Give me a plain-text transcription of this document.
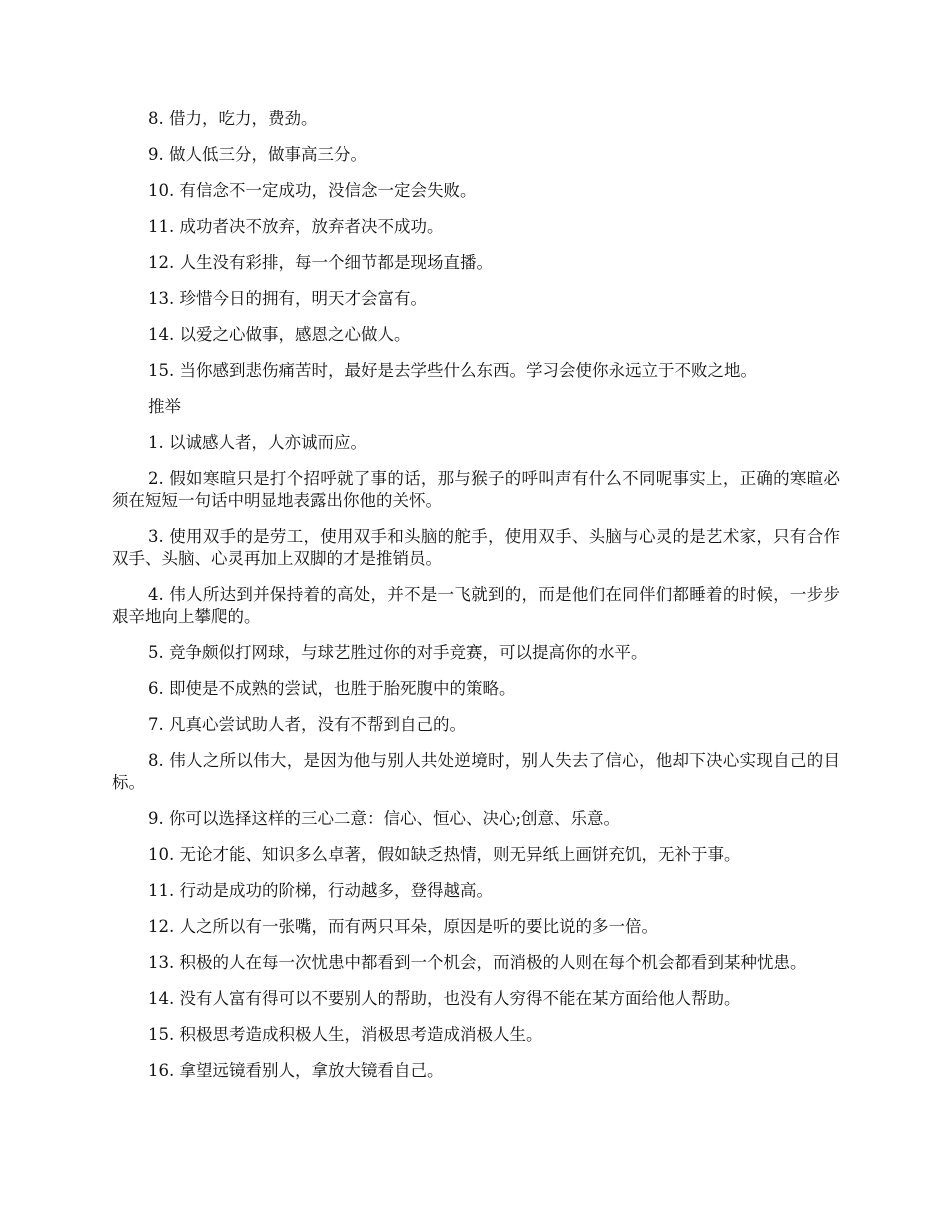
8. 借力，吃力，费劲。

9. 做人低三分，做事高三分。

10. 有信念不一定成功，没信念一定会失败。

11. 成功者决不放弃，放弃者决不成功。

12. 人生没有彩排，每一个细节都是现场直播。

13. 珍惜今日的拥有，明天才会富有。

14. 以爱之心做事，感恩之心做人。

15. 当你感到悲伤痛苦时，最好是去学些什么东西。学习会使你永远立于不败之地。

推举

1. 以诚感人者，人亦诚而应。

2. 假如寒暄只是打个招呼就了事的话，那与猴子的呼叫声有什么不同呢事实上，正确的寒暄必须在短短一句话中明显地表露出你他的关怀。

3. 使用双手的是劳工，使用双手和头脑的舵手，使用双手、头脑与心灵的是艺术家，只有合作双手、头脑、心灵再加上双脚的才是推销员。

4. 伟人所达到并保持着的高处，并不是一飞就到的，而是他们在同伴们都睡着的时候，一步步艰辛地向上攀爬的。

5. 竞争颇似打网球，与球艺胜过你的对手竞赛，可以提高你的水平。

6. 即使是不成熟的尝试，也胜于胎死腹中的策略。

7. 凡真心尝试助人者，没有不帮到自己的。

8. 伟人之所以伟大，是因为他与别人共处逆境时，别人失去了信心，他却下决心实现自己的目标。

9. 你可以选择这样的三心二意：信心、恒心、决心;创意、乐意。

10. 无论才能、知识多么卓著，假如缺乏热情，则无异纸上画饼充饥，无补于事。

11. 行动是成功的阶梯，行动越多，登得越高。

12. 人之所以有一张嘴，而有两只耳朵，原因是听的要比说的多一倍。

13. 积极的人在每一次忧患中都看到一个机会，而消极的人则在每个机会都看到某种忧患。

14. 没有人富有得可以不要别人的帮助，也没有人穷得不能在某方面给他人帮助。

15. 积极思考造成积极人生，消极思考造成消极人生。

16. 拿望远镜看别人，拿放大镜看自己。
